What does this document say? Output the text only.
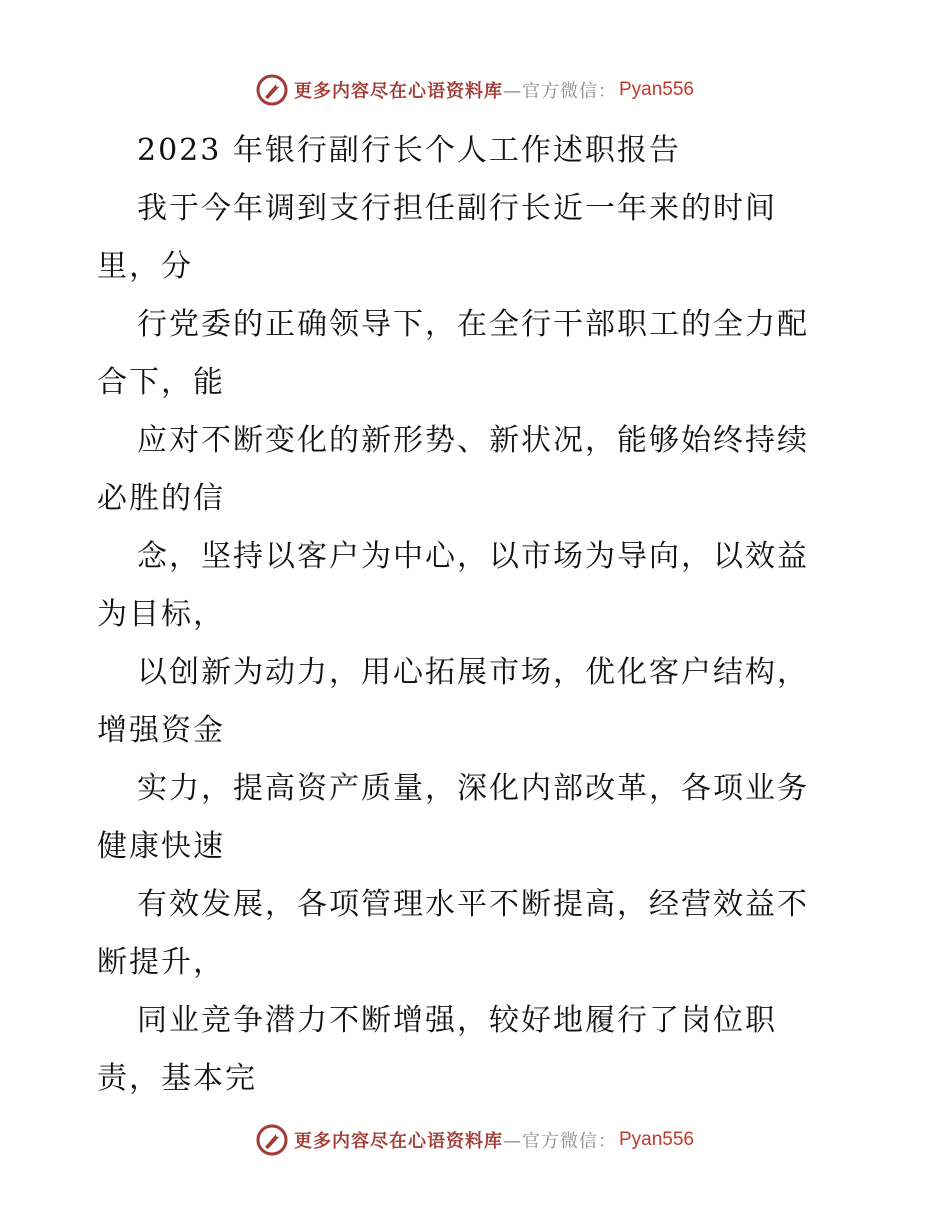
更多内容尽在心语资料库 —官方微信： Pyan556
2023 年银行副行长个人工作述职报告
我于今年调到支行担任副行长近一年来的时间
里，分
行党委的正确领导下，在全行干部职工的全力配
合下，能
应对不断变化的新形势、新状况，能够始终持续
必胜的信
念，坚持以客户为中心，以市场为导向，以效益
为目标，
以创新为动力，用心拓展市场，优化客户结构，
增强资金
实力，提高资产质量，深化内部改革，各项业务
健康快速
有效发展，各项管理水平不断提高，经营效益不
断提升，
同业竞争潜力不断增强，较好地履行了岗位职
责，基本完
更多内容尽在心语资料库 —官方微信： Pyan556
